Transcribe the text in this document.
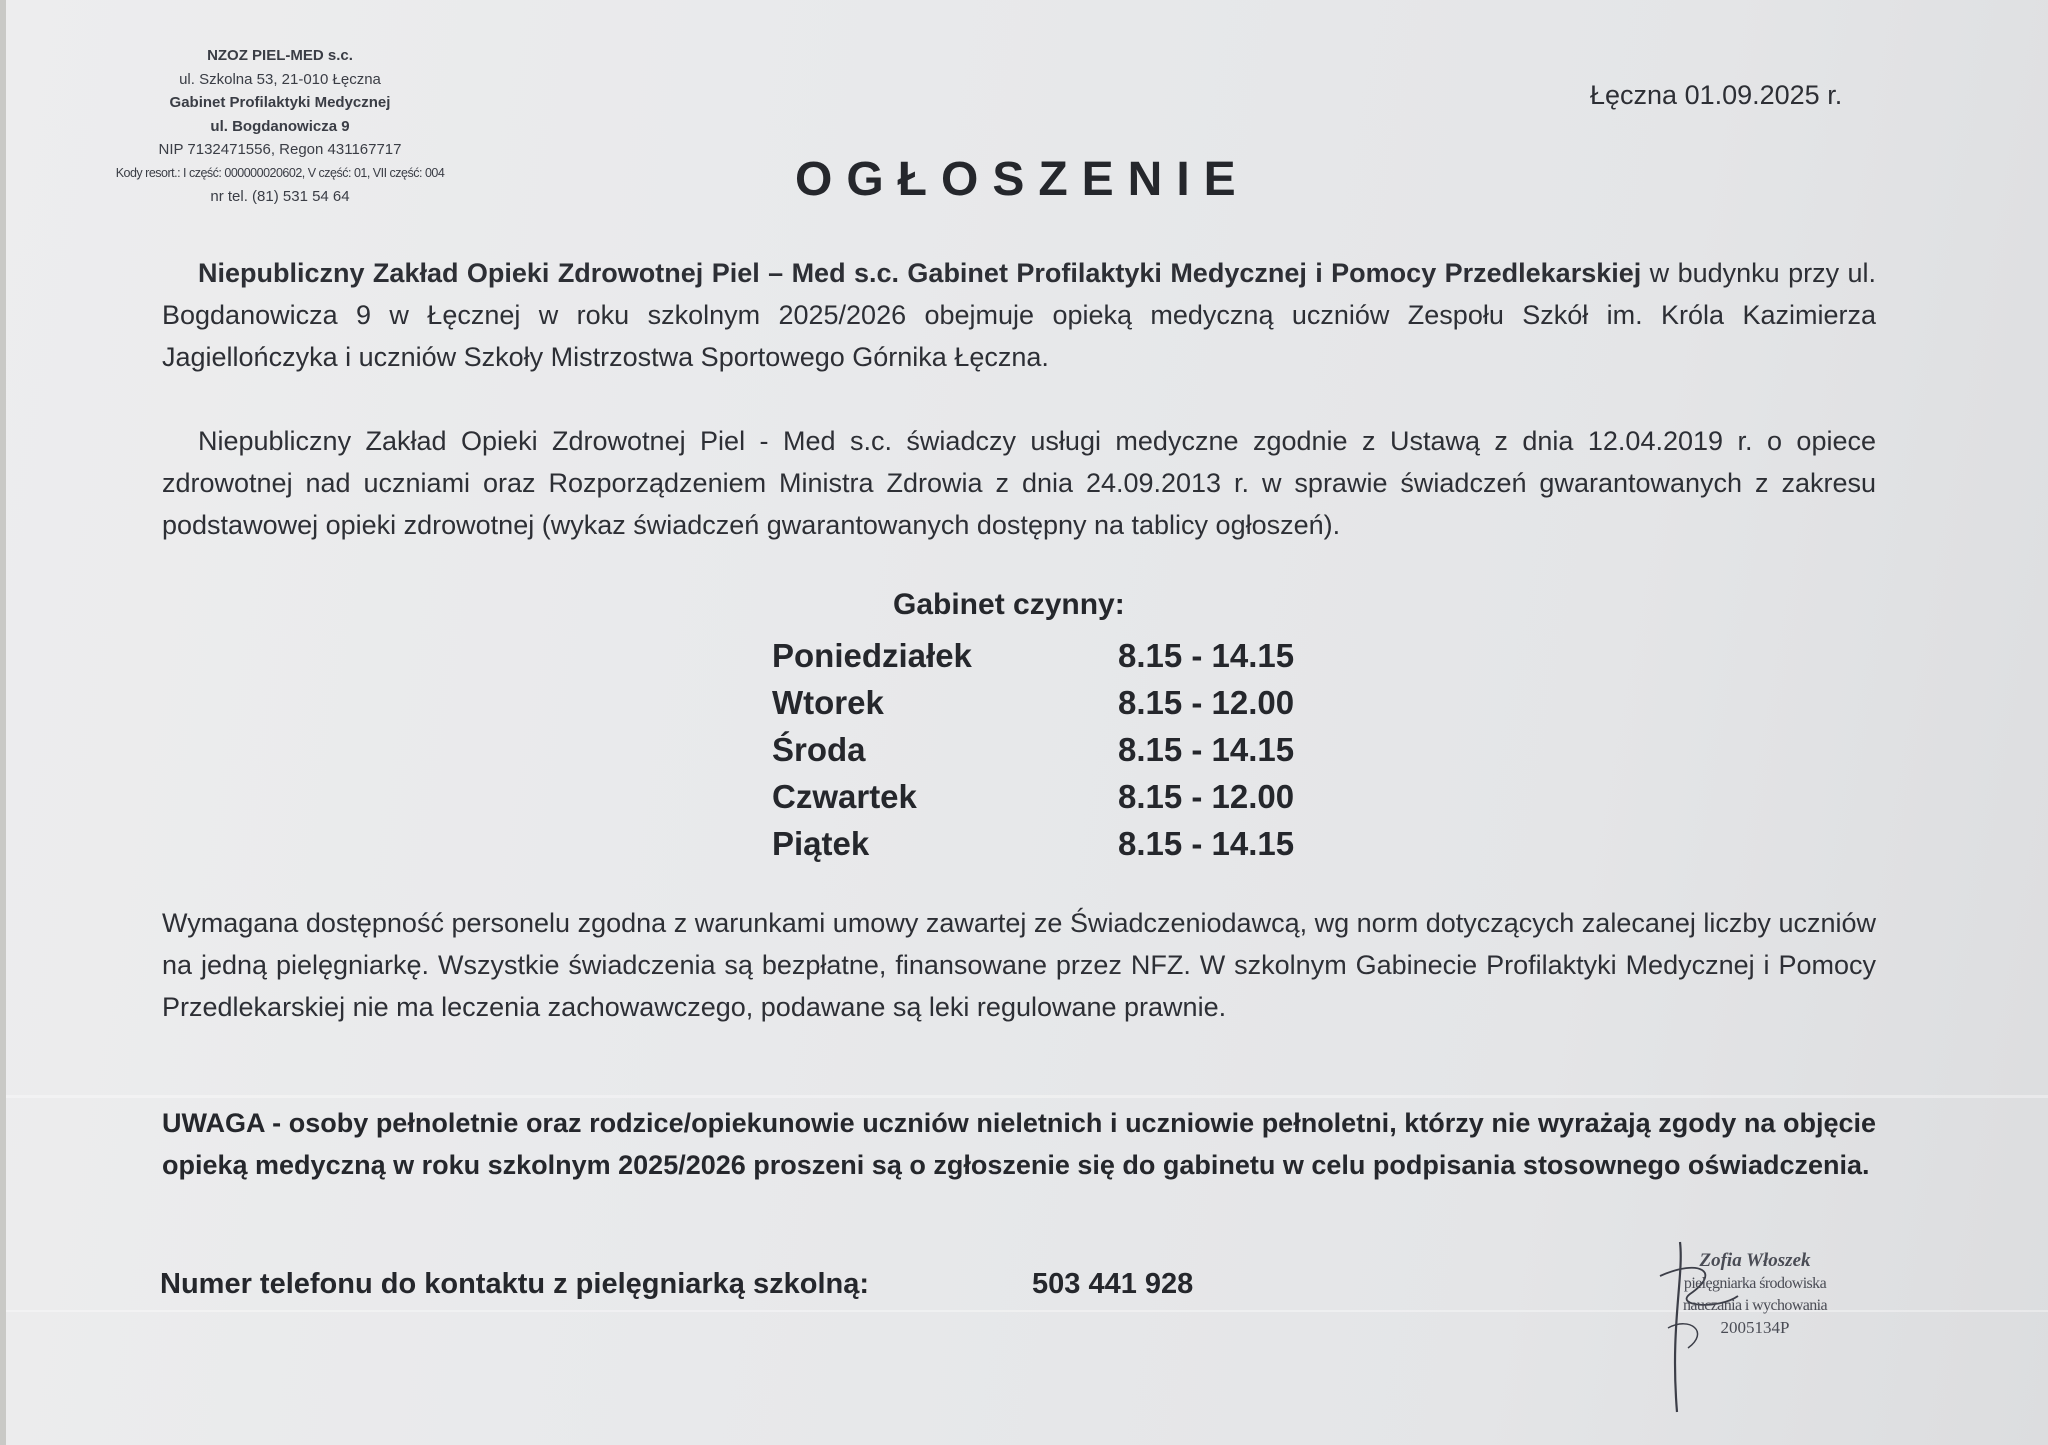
NZOZ PIEL-MED s.c.
ul. Szkolna 53, 21-010 Łęczna
Gabinet Profilaktyki Medycznej
ul. Bogdanowicza 9
NIP 7132471556, Regon 431167717
Kody resort.: I część: 000000020602, V część: 01, VII część: 004
nr tel. (81) 531 54 64
Łęczna 01.09.2025 r.
OGŁOSZENIE
Niepubliczny Zakład Opieki Zdrowotnej Piel – Med s.c. Gabinet Profilaktyki Medycznej i Pomocy Przedlekarskiej w budynku przy ul. Bogdanowicza 9 w Łęcznej w roku szkolnym 2025/2026 obejmuje opieką medyczną uczniów Zespołu Szkół im. Króla Kazimierza Jagiellończyka i uczniów Szkoły Mistrzostwa Sportowego Górnika Łęczna.
Niepubliczny Zakład Opieki Zdrowotnej Piel - Med s.c. świadczy usługi medyczne zgodnie z Ustawą z dnia 12.04.2019 r. o opiece zdrowotnej nad uczniami oraz Rozporządzeniem Ministra Zdrowia z dnia 24.09.2013 r. w sprawie świadczeń gwarantowanych z zakresu podstawowej opieki zdrowotnej (wykaz świadczeń gwarantowanych dostępny na tablicy ogłoszeń).
Gabinet czynny:
Poniedziałek	8.15 - 14.15
Wtorek	8.15 - 12.00
Środa	8.15 - 14.15
Czwartek	8.15 - 12.00
Piątek	8.15 - 14.15
Wymagana dostępność personelu zgodna z warunkami umowy zawartej ze Świadczeniodawcą, wg norm dotyczących zalecanej liczby uczniów na jedną pielęgniarkę. Wszystkie świadczenia są bezpłatne, finansowane przez NFZ. W szkolnym Gabinecie Profilaktyki Medycznej i Pomocy Przedlekarskiej nie ma leczenia zachowawczego, podawane są leki regulowane prawnie.
UWAGA - osoby pełnoletnie oraz rodzice/opiekunowie uczniów nieletnich i uczniowie pełnoletni, którzy nie wyrażają zgody na objęcie opieką medyczną w roku szkolnym 2025/2026 proszeni są o zgłoszenie się do gabinetu w celu podpisania stosownego oświadczenia.
Numer telefonu do kontaktu z pielęgniarką szkolną:	503 441 928
Zofia Włoszek
pielęgniarka środowiska
nauczania i wychowania
2005134P
